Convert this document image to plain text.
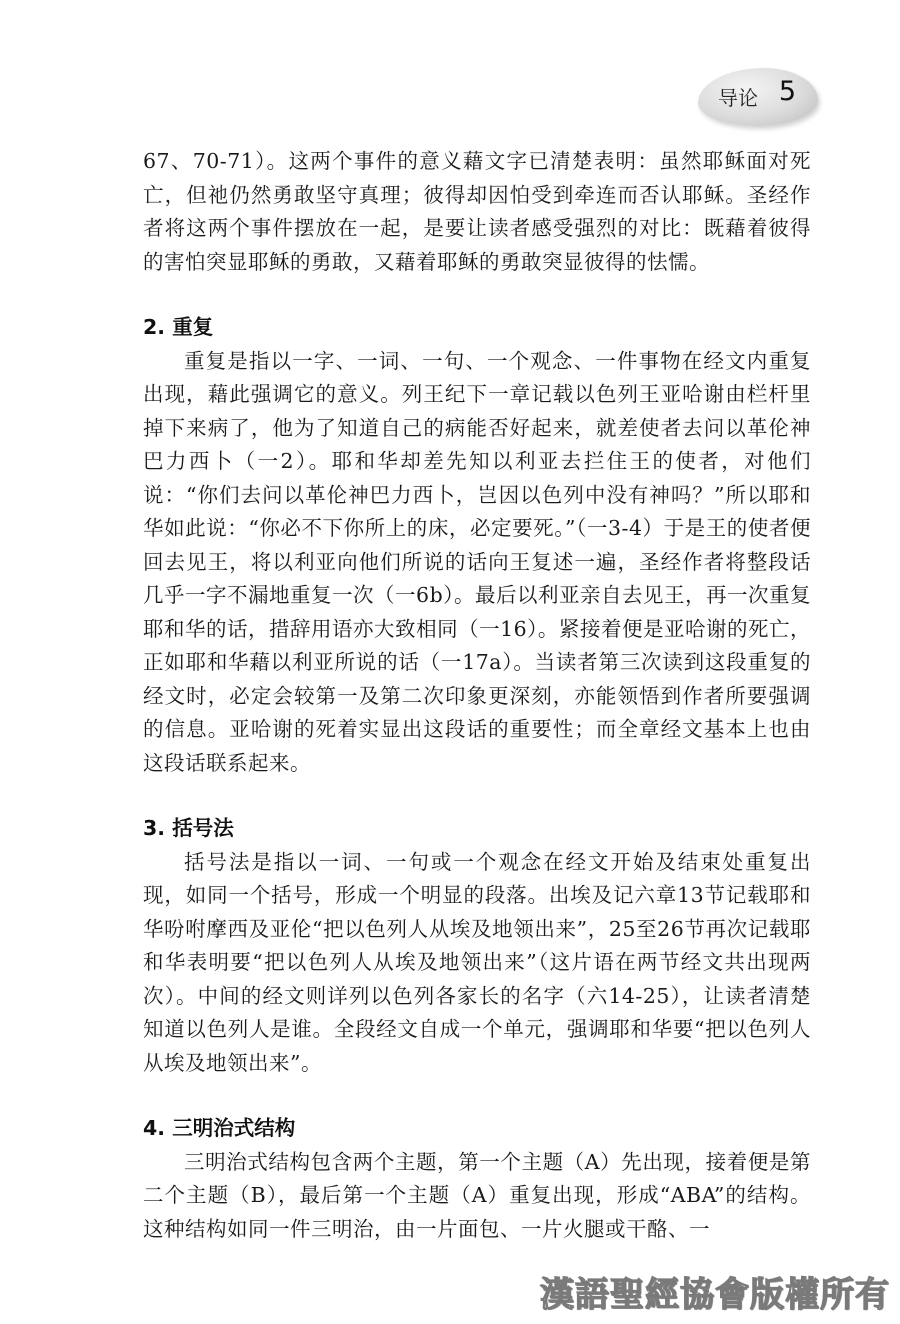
导论 5

67、70-71）。这两个事件的意义藉文字已清楚表明：虽然耶稣面对死亡，但祂仍然勇敢坚守真理；彼得却因怕受到牵连而否认耶稣。圣经作者将这两个事件摆放在一起，是要让读者感受强烈的对比：既藉着彼得的害怕突显耶稣的勇敢，又藉着耶稣的勇敢突显彼得的怯懦。

2. 重复

重复是指以一字、一词、一句、一个观念、一件事物在经文内重复出现，藉此强调它的意义。列王纪下一章记载以色列王亚哈谢由栏杆里掉下来病了，他为了知道自己的病能否好起来，就差使者去问以革伦神巴力西卜（一2）。耶和华却差先知以利亚去拦住王的使者，对他们说：“你们去问以革伦神巴力西卜，岂因以色列中没有神吗？”所以耶和华如此说：“你必不下你所上的床，必定要死。”（一3-4）于是王的使者便回去见王，将以利亚向他们所说的话向王复述一遍，圣经作者将整段话几乎一字不漏地重复一次（一6b）。最后以利亚亲自去见王，再一次重复耶和华的话，措辞用语亦大致相同（一16）。紧接着便是亚哈谢的死亡，正如耶和华藉以利亚所说的话（一17a）。当读者第三次读到这段重复的经文时，必定会较第一及第二次印象更深刻，亦能领悟到作者所要强调的信息。亚哈谢的死着实显出这段话的重要性；而全章经文基本上也由这段话联系起来。

3. 括号法

括号法是指以一词、一句或一个观念在经文开始及结束处重复出现，如同一个括号，形成一个明显的段落。出埃及记六章13节记载耶和华吩咐摩西及亚伦“把以色列人从埃及地领出来”，25至26节再次记载耶和华表明要“把以色列人从埃及地领出来”（这片语在两节经文共出现两次）。中间的经文则详列以色列各家长的名字（六14-25），让读者清楚知道以色列人是谁。全段经文自成一个单元，强调耶和华要“把以色列人从埃及地领出来”。

4. 三明治式结构

三明治式结构包含两个主题，第一个主题（A）先出现，接着便是第二个主题（B），最后第一个主题（A）重复出现，形成“ABA”的结构。这种结构如同一件三明治，由一片面包、一片火腿或干酪、一

漢語聖經協會版權所有
